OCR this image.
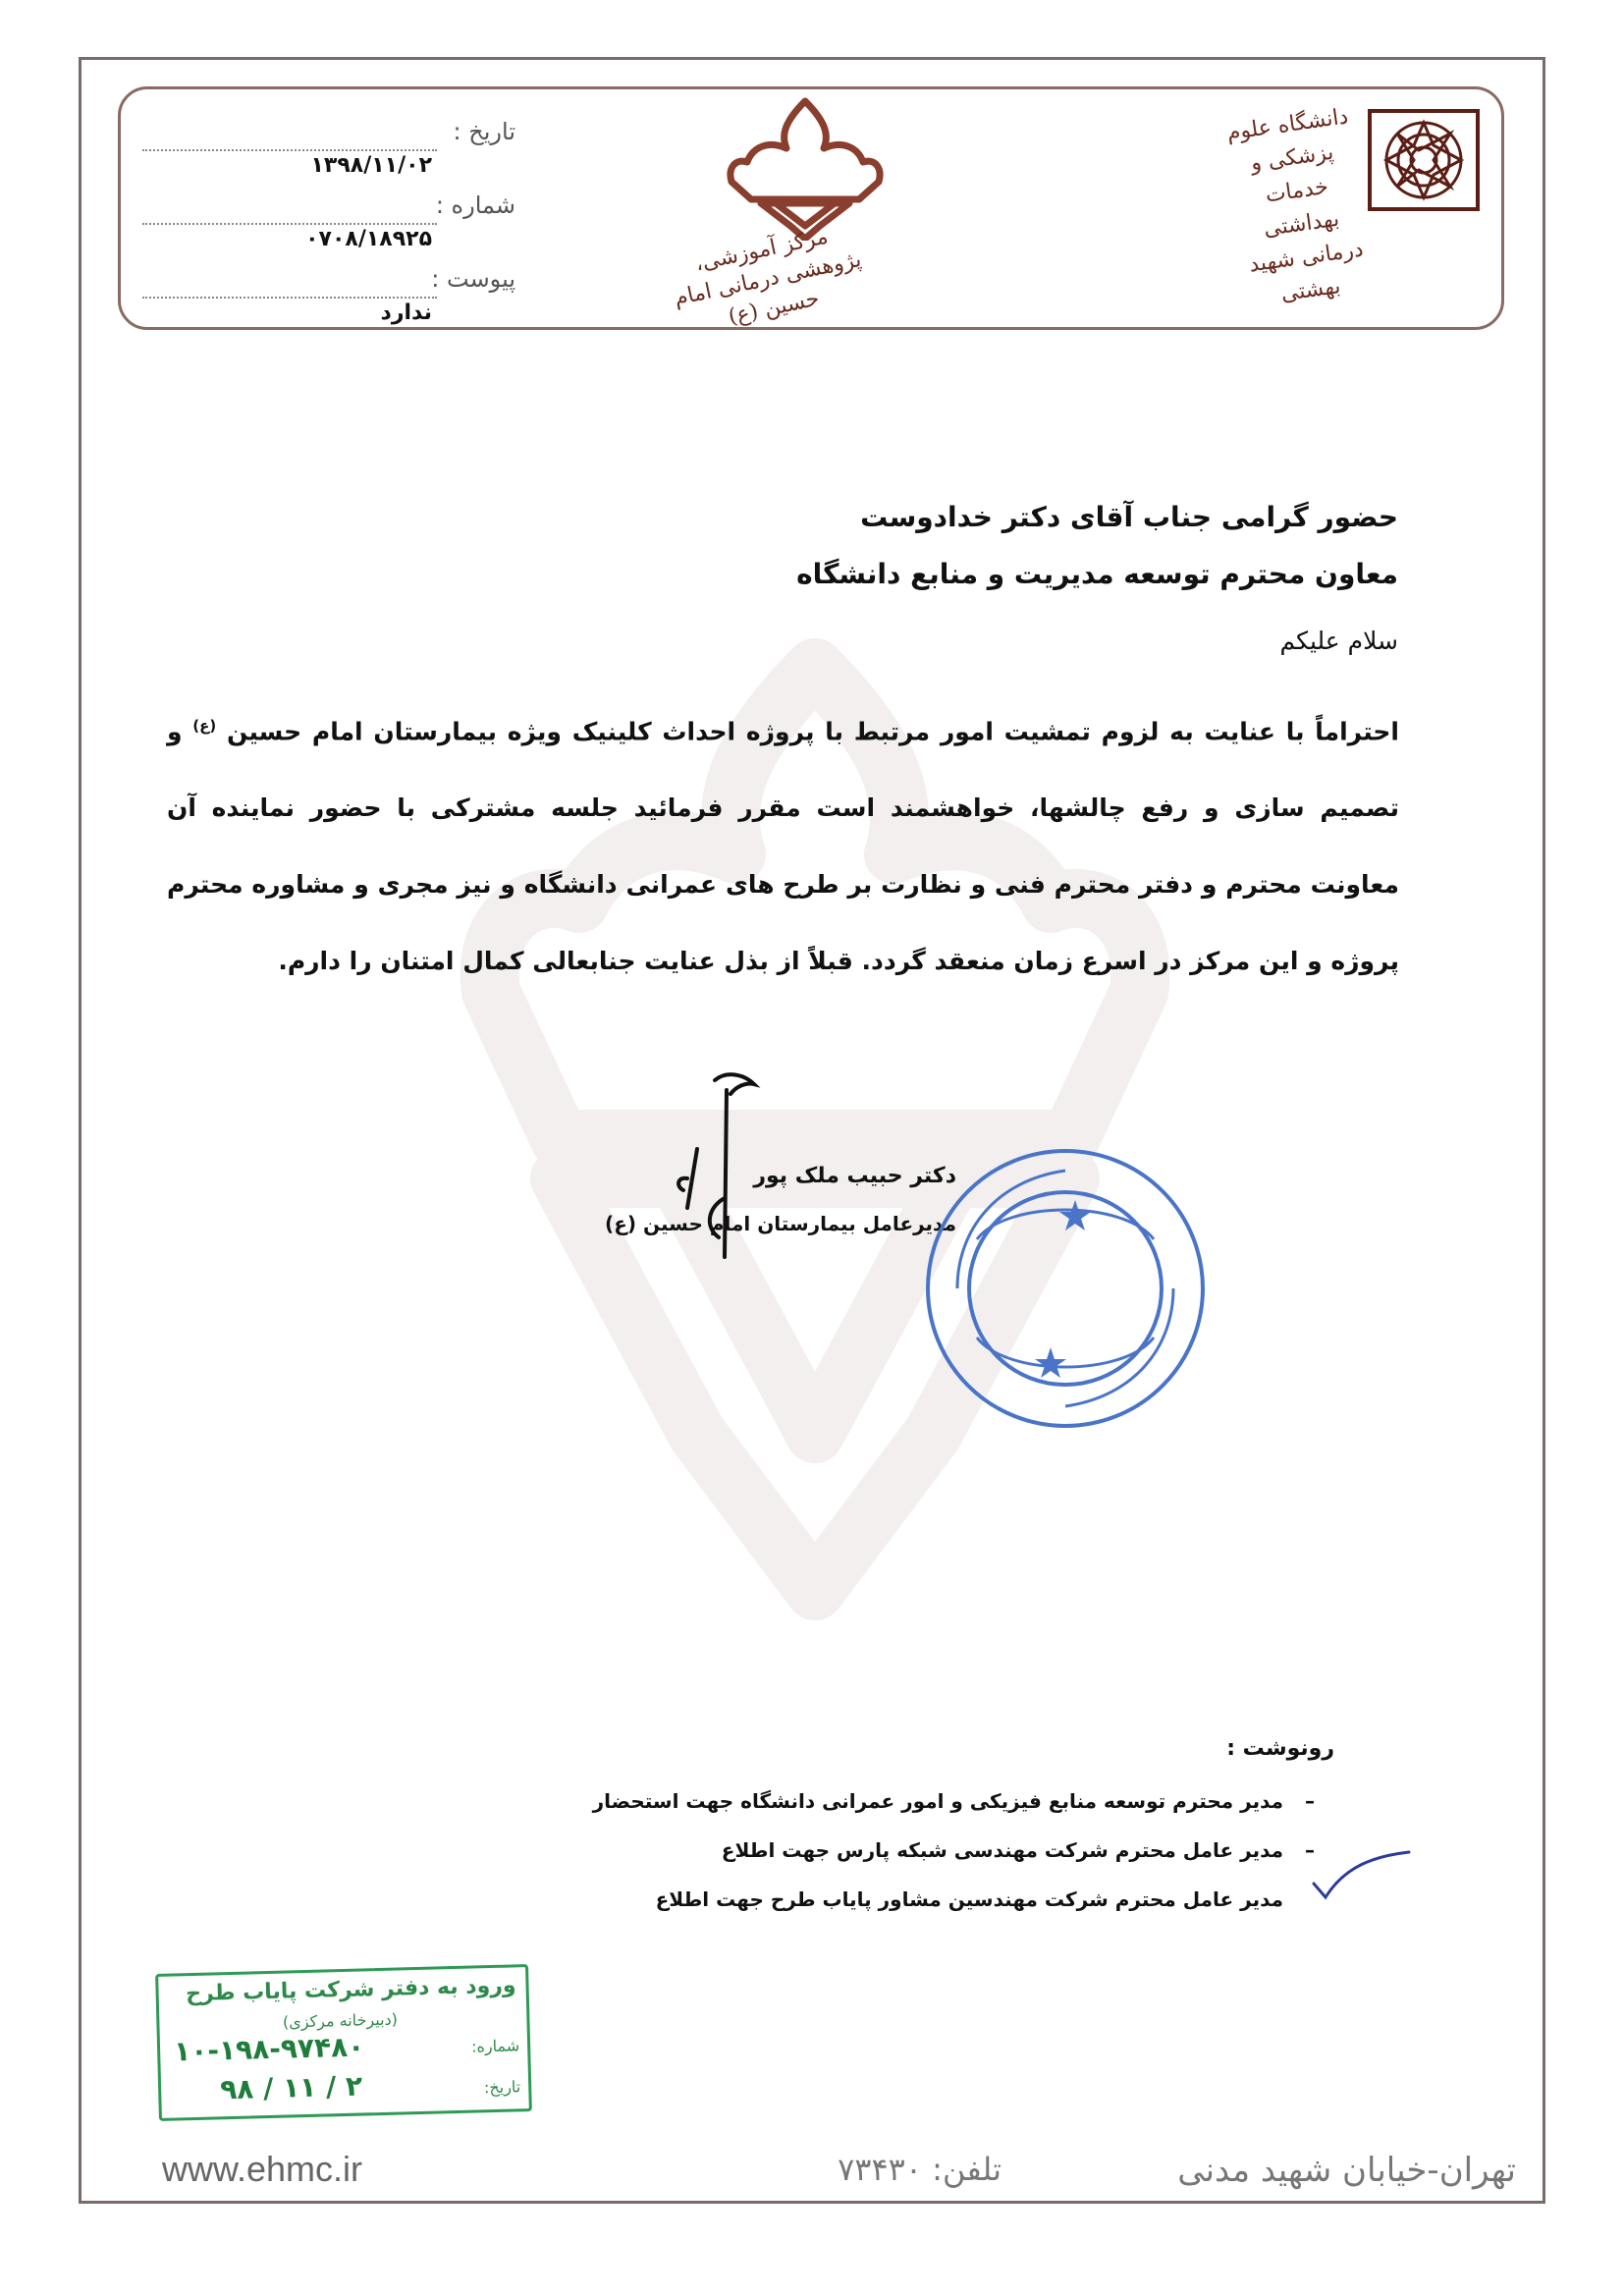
دانشگاه علوم پزشکی و خدمات بهداشتی درمانی شهید بهشتی
مرکز آموزشی، پژوهشی درمانی امام حسین (ع)
تاریخ :
۱۳۹۸/۱۱/۰۲
شماره :
۰۷۰۸/۱۸۹۲۵
پیوست :
ندارد
حضور گرامی جناب آقای دکتر خدادوست
معاون محترم توسعه مدیریت و منابع دانشگاه
سلام علیکم
احتراماً با عنایت به لزوم تمشیت امور مرتبط با پروژه احداث کلینیک ویژه بیمارستان امام حسین $^{(ع)}$ و تصمیم سازی و رفع چالشها، خواهشمند است مقرر فرمائید جلسه مشترکی با حضور نماینده آن معاونت محترم و دفتر محترم فنی و نظارت بر طرح های عمرانی دانشگاه و نیز مجری و مشاوره محترم پروژه و این مرکز در اسرع زمان منعقد گردد. قبلاً از بذل عنایت جنابعالی کمال امتنان را دارم.
دکتر حبیب ملک پور
مدیرعامل بیمارستان امام حسین (ع)
رونوشت :
– مدیر محترم توسعه منابع فیزیکی و امور عمرانی دانشگاه جهت استحضار
– مدیر عامل محترم شرکت مهندسی شبکه پارس جهت اطلاع
مدیر عامل محترم شرکت مهندسین مشاور پایاب طرح جهت اطلاع
ورود به دفتر شرکت پایاب طرح
(دبیرخانه مرکزی)
شماره:
۱۰-۱۹۸-۹۷۴۸۰
تاریخ:
۹۸ / ۱۱ / ۲
www.ehmc.ir	تلفن: ۷۳۴۳۰	تهران-خیابان شهید مدنی
